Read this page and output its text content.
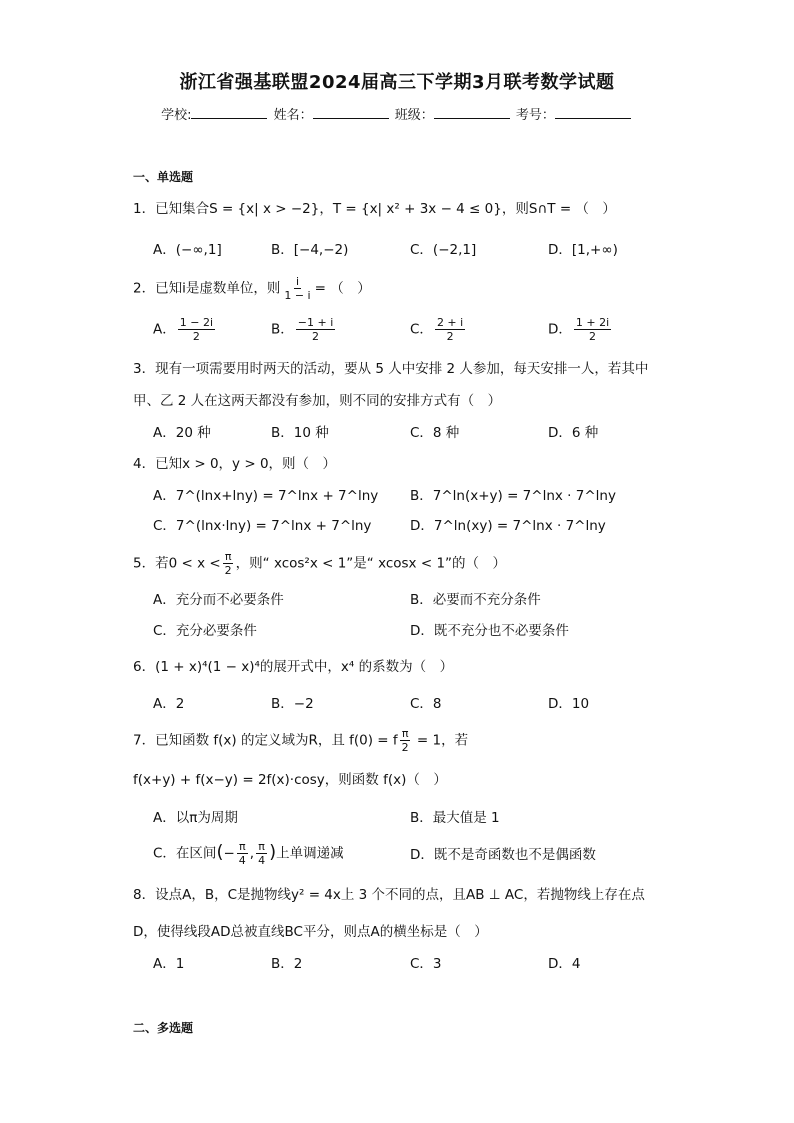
浙江省强基联盟2024届高三下学期3月联考数学试题
学校:	姓名：	班级：	考号：
一、单选题
1．已知集合S = {x| x > −2}，T = {x| x² + 3x − 4 ≤ 0}，则S∩T = （　）
A．(−∞,1]	B．[−4,−2)	C．(−2,1]	D．[1,+∞)
2．已知i是虚数单位，则 $\frac{i}{1 - i}$ = （　）
A． $\frac{1 - 2i}{2}$	B． $\frac{-1 + i}{2}$	C． $\frac{2 + i}{2}$	D． $\frac{1 + 2i}{2}$
3．现有一项需要用时两天的活动，要从 5 人中安排 2 人参加，每天安排一人，若其中
甲、乙 2 人在这两天都没有参加，则不同的安排方式有（　）
A．20 种	B．10 种	C．8 种	D．6 种
4．已知x > 0，y > 0，则（　）
A．7^(lnx+lny) = 7^lnx + 7^lny B．7^ln(x+y) = 7^lnx · 7^lny
C．7^(lnx·lny) = 7^lnx + 7^lny	D．7^ln(xy) = 7^lnx · 7^lny
5．若$0 < x < \frac{\pi}{2}$ ，则“ xcos²x < 1”是“ xcosx < 1”的（　）
A．充分而不必要条件	B．必要而不充分条件
C．充分必要条件	D．既不充分也不必要条件
6．(1 + x)⁴(1 − x)⁴的展开式中，x⁴ 的系数为（　）
A．2	B．−2	C．8	D．10
7．已知函数 f(x) 的定义域为R，且 f(0) = f $\frac{\pi}{2} = 1$，若
f(x+y) + f(x−y) = 2f(x)·cosy，则函数 f(x)（　）
A．以π为周期	B．最大值是 1
C．在区间(− $\frac{\pi}{4}$ , $\frac{\pi}{4}$ )上单调递减	D．既不是奇函数也不是偶函数
8．设点A，B，C是抛物线y² = 4x上 3 个不同的点，且AB ⊥ AC，若抛物线上存在点
D，使得线段AD总被直线BC平分，则点A的横坐标是（　）
A．1	B．2	C．3	D．4
二、多选题
